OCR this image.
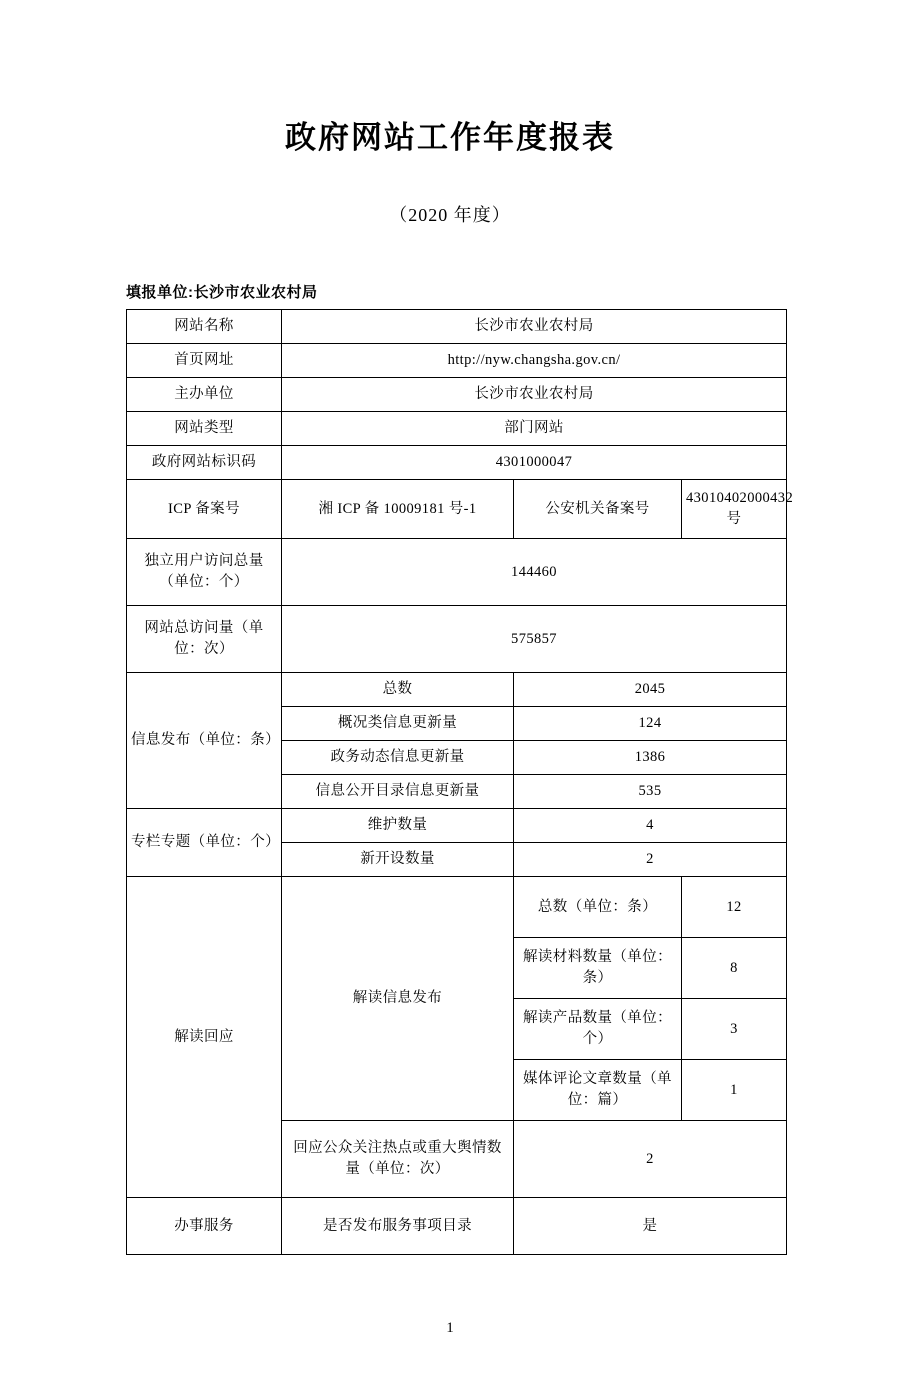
政府网站工作年度报表
（2020 年度）
填报单位:长沙市农业农村局
网站名称	长沙市农业农村局		
首页网址	http://nyw.changsha.gov.cn/		
主办单位	长沙市农业农村局		
网站类型	部门网站		
政府网站标识码	4301000047		
ICP 备案号	湘 ICP 备 10009181 号-1	公安机关备案号	43010402000432 号
独立用户访问总量（单位：个）	144460		
网站总访问量（单位：次）	575857		
信息发布（单位：条）	总数	2045	
	概况类信息更新量	124	
	政务动态信息更新量	1386	
	信息公开目录信息更新量	535	
专栏专题（单位：个）	维护数量	4	
	新开设数量	2	
解读回应	解读信息发布	总数（单位：条）	12
		解读材料数量（单位：条）	8
		解读产品数量（单位：个）	3
		媒体评论文章数量（单位：篇）	1
	回应公众关注热点或重大舆情数量（单位：次）	2	
办事服务	是否发布服务事项目录	是	
1
